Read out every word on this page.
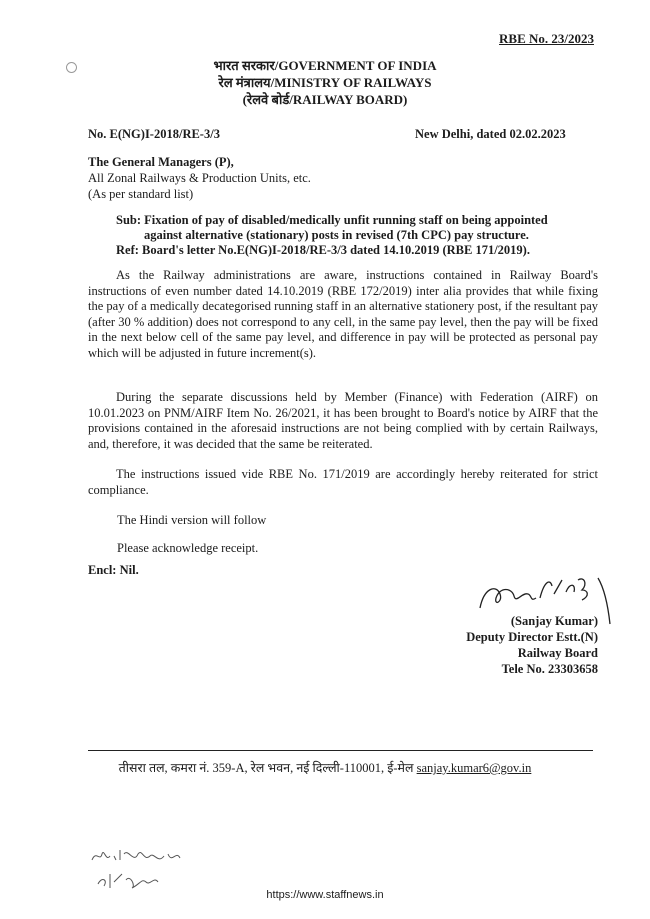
RBE No. 23/2023
भारत सरकार/GOVERNMENT OF INDIA
रेल मंत्रालय/MINISTRY OF RAILWAYS
(रेलवे बोर्ड/RAILWAY BOARD)
No. E(NG)I-2018/RE-3/3	New Delhi, dated 02.02.2023
The General Managers (P),
All Zonal Railways & Production Units, etc.
(As per standard list)
Sub: Fixation of pay of disabled/medically unfit running staff on being appointed
against alternative (stationary) posts in revised (7th CPC) pay structure.
Ref: Board's letter No.E(NG)I-2018/RE-3/3 dated 14.10.2019 (RBE 171/2019).
As the Railway administrations are aware, instructions contained in Railway Board's instructions of even number dated 14.10.2019 (RBE 172/2019) inter alia provides that while fixing the pay of a medically decategorised running staff in an alternative stationery post, if the resultant pay (after 30 % addition) does not correspond to any cell, in the same pay level, then the pay will be fixed in the next below cell of the same pay level, and difference in pay will be protected as personal pay which will be adjusted in future increment(s).
During the separate discussions held by Member (Finance) with Federation (AIRF) on 10.01.2023 on PNM/AIRF Item No. 26/2021, it has been brought to Board's notice by AIRF that the provisions contained in the aforesaid instructions are not being complied with by certain Railways, and, therefore, it was decided that the same be reiterated.
The instructions issued vide RBE No. 171/2019 are accordingly hereby reiterated for strict compliance.
The Hindi version will follow
Please acknowledge receipt.
Encl: Nil.
(Sanjay Kumar)
Deputy Director Estt.(N)
Railway Board
Tele No. 23303658
तीसरा तल, कमरा नं. 359-A, रेल भवन, नई दिल्ली-110001, ई-मेल sanjay.kumar6@gov.in
https://www.staffnews.in
